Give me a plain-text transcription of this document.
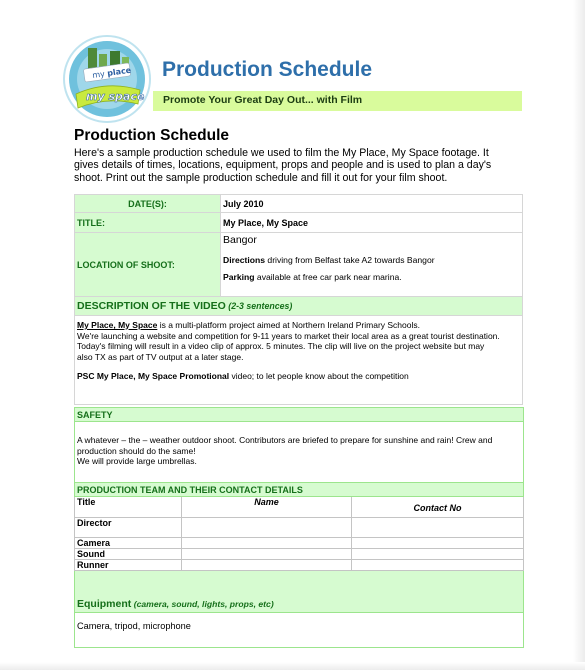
my place
my space
Production Schedule
Promote Your Great Day Out... with Film
Production Schedule
Here's a sample production schedule we used to film the My Place, My Space footage. It
gives details of times, locations, equipment, props and people and is used to plan a day's
shoot. Print out the sample production schedule and fill it out for your film shoot.
DATE(S):	July 2010
TITLE:	My Place, My Space
LOCATION OF SHOOT:	Bangor
Directions driving from Belfast take A2 towards Bangor
Parking available at free car park near marina.

DESCRIPTION OF THE VIDEO (2-3 sentences)	

My Place, My Space is a multi-platform project aimed at Northern Ireland Primary Schools.
We're launching a website and competition for 9-11 years to market their local area as a great tourist destination.
Today's filming will result in a video clip of approx. 5 minutes. The clip will live on the project website but may
also TX as part of TV output at a later stage.
PSC My Place, My Space Promotional video; to let people know about the competition	
SAFETY		

A whatever – the – weather outdoor shoot. Contributors are briefed to prepare for sunshine and rain! Crew and
production should do the same!
We will provide large umbrellas.		

PRODUCTION TEAM AND THEIR CONTACT DETAILS		
Title	Name	Contact No
Director		
Camera		
Sound		
Runner		
Equipment (camera, sound, lights, props, etc)		
Camera, tripod, microphone		
